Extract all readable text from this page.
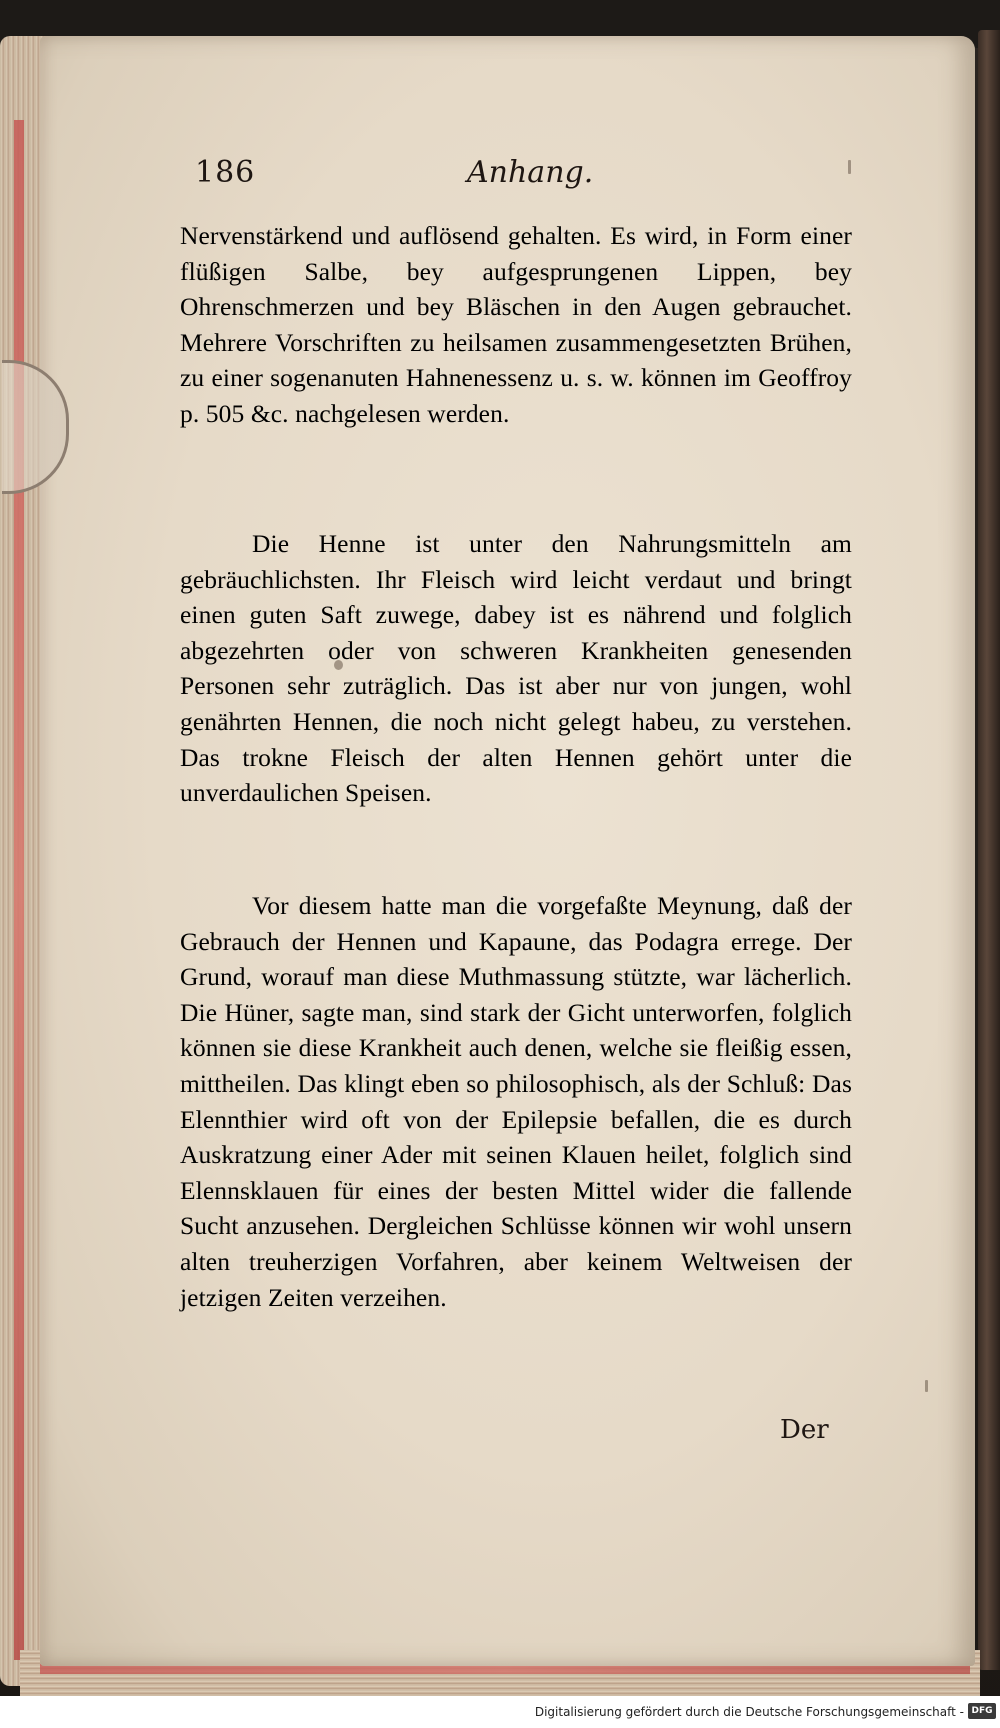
186	Anhang.

Nervenstärkend und auflösend gehalten. Es wird, in Form einer flüßigen Salbe, bey aufgesprungenen Lippen, bey Ohrenschmerzen und bey Bläschen in den Augen gebrauchet. Mehrere Vorschriften zu heilsamen zusammengesetzten Brühen, zu einer sogenanuten Hahnenessenz u. s. w. können im Geoffroy p. 505 &c. nachgelesen werden.

Die Henne ist unter den Nahrungsmitteln am gebräuchlichsten. Ihr Fleisch wird leicht verdaut und bringt einen guten Saft zuwege, dabey ist es nährend und folglich abgezehrten oder von schweren Krankheiten genesenden Personen sehr zuträglich. Das ist aber nur von jungen, wohl genährten Hennen, die noch nicht gelegt habeu, zu verstehen. Das trokne Fleisch der alten Hennen gehört unter die unverdaulichen Speisen.

Vor diesem hatte man die vorgefaßte Meynung, daß der Gebrauch der Hennen und Kapaune, das Podagra errege. Der Grund, worauf man diese Muthmassung stützte, war lächerlich. Die Hüner, sagte man, sind stark der Gicht unterworfen, folglich können sie diese Krankheit auch denen, welche sie fleißig essen, mittheilen. Das klingt eben so philosophisch, als der Schluß: Das Elennthier wird oft von der Epilepsie befallen, die es durch Auskratzung einer Ader mit seinen Klauen heilet, folglich sind Elennsklauen für eines der besten Mittel wider die fallende Sucht anzusehen. Dergleichen Schlüsse können wir wohl unsern alten treuherzigen Vorfahren, aber keinem Weltweisen der jetzigen Zeiten verzeihen.

Der
Digitalisierung gefördert durch die Deutsche Forschungsgemeinschaft - DFG
